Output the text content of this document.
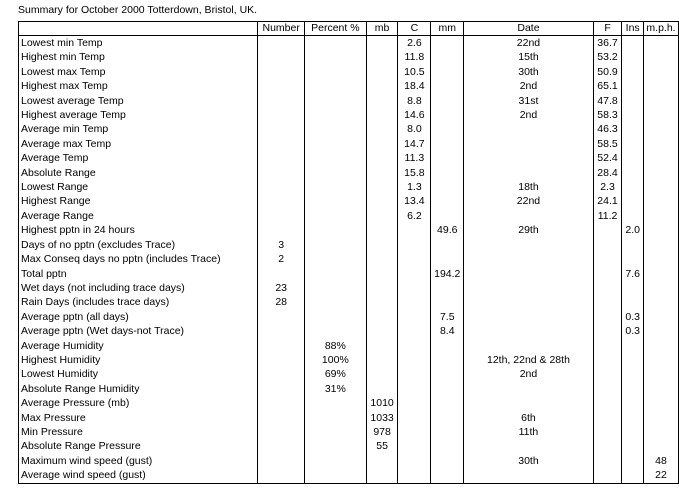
Summary for October 2000 Totterdown, Bristol, UK.
	Number	Percent %	mb	C	mm	Date	F	Ins	m.p.h.
Lowest min Temp				2.6		22nd	36.7		
Highest min Temp				11.8		15th	53.2		
Lowest max Temp				10.5		30th	50.9		
Highest max Temp				18.4		2nd	65.1		
Lowest average Temp				8.8		31st	47.8		
Highest average Temp				14.6		2nd	58.3		
Average min Temp				8.0			46.3		
Average max Temp				14.7			58.5		
Average Temp				11.3			52.4		
Absolute Range				15.8			28.4		
Lowest Range				1.3		18th	2.3		
Highest Range				13.4		22nd	24.1		
Average Range				6.2			11.2		
Highest pptn in 24 hours					49.6	29th		2.0	
Days of no pptn (excludes Trace)	3								
Max Conseq days no pptn (includes Trace)	2								
Total pptn					194.2			7.6	
Wet days (not including trace days)	23								
Rain Days (includes trace days)	28								
Average pptn (all days)					7.5			0.3	
Average pptn (Wet days-not Trace)					8.4			0.3	
Average Humidity		88%							
Highest Humidity		100%				12th, 22nd & 28th			
Lowest Humidity		69%				2nd			
Absolute Range Humidity		31%							
Average Pressure (mb)			1010						
Max Pressure			1033			6th			
Min Pressure			978			11th			
Absolute Range Pressure			55						
Maximum wind speed (gust)						30th			48
Average wind speed (gust)									22
